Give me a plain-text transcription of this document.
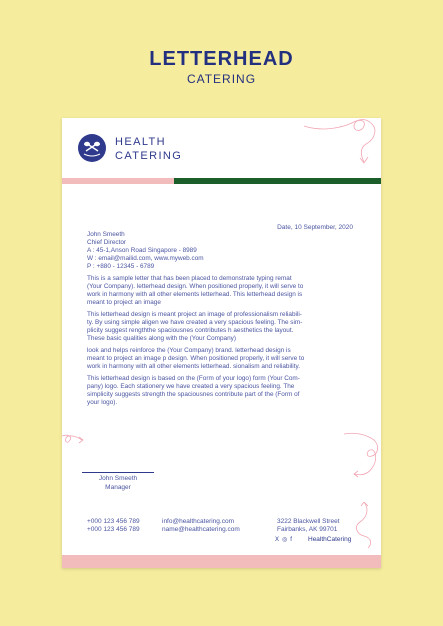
LETTERHEAD
CATERING
HEALTH
CATERING
Date, 10 September, 2020
John Smeeth
Chief Director
A : 45-1,Anson Road Singapore - 8989
W : email@mailid.com, www.myweb.com
P : +880 - 12345 - 6789
This is a sample letter that has been placed to demonstrate typing remat
(Your Company). letterhead design. When positioned properly, it will serve to
work in harmony with all other elements letterhead. This letterhead design is
meant to project an image
This letterhead design is meant project an image of professionalism reliabili-
ty. By using simple aligen we have created a very spacious feeling. The sim-
plicity suggest rengththe spaciousnes contributes h aesthetics the layout.
These basic qualities along with the (Your Company)
look and helps reinforce the (Your Company) brand. letterhead design is
meant to project an image p design. When positioned properly, it will serve to
work in harmony with all other elements letterhead. sionalism and reliability.
This letterhead design is based on the (Form of your logo) form (Your Com-
pany) logo. Each stationery we have created a very spacious feeling. The
simplicity suggests strength the spaciousnes contribute part of the (Form of
your logo).
John Smeeth
Manager
+000 123 456 789
+000 123 456 789
info@healthcatering.com
name@healthcatering.com
3222 Blackwell Street
Fairbanks, AK 99701
X ◎ f	HealthCatering
